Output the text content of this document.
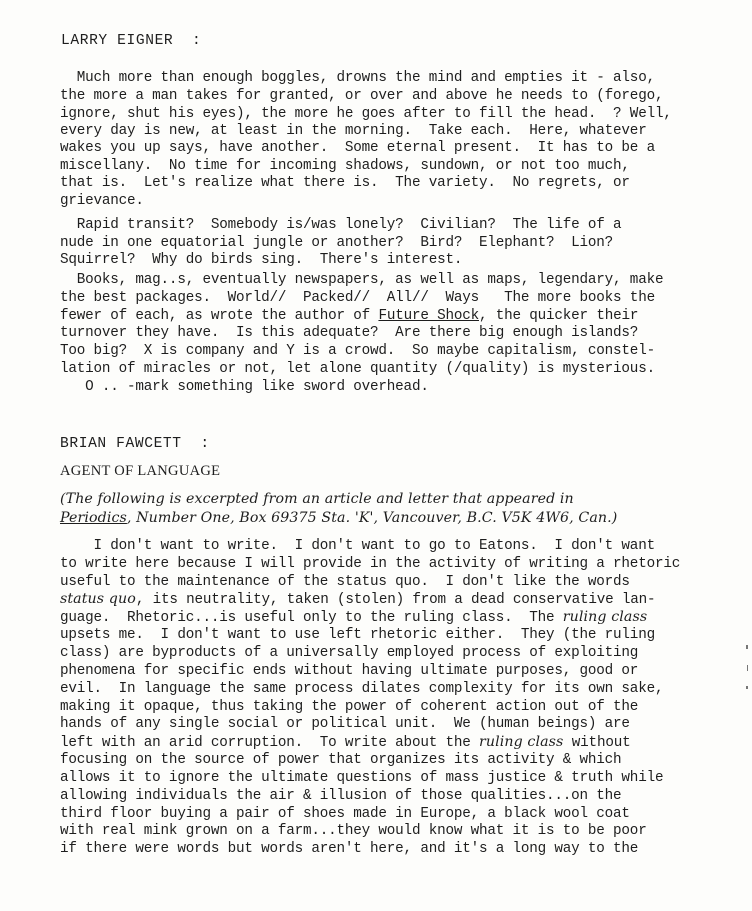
LARRY EIGNER  :
Much more than enough boggles, drowns the mind and empties it - also,
the more a man takes for granted, or over and above he needs to (forego,
ignore, shut his eyes), the more he goes after to fill the head.  ? Well,
every day is new, at least in the morning.  Take each.  Here, whatever
wakes you up says, have another.  Some eternal present.  It has to be a
miscellany.  No time for incoming shadows, sundown, or not too much,
that is.  Let's realize what there is.  The variety.  No regrets, or
grievance.
Rapid transit?  Somebody is/was lonely?  Civilian?  The life of a
nude in one equatorial jungle or another?  Bird?  Elephant?  Lion?
Squirrel?  Why do birds sing.  There's interest.
Books, mag..s, eventually newspapers, as well as maps, legendary, make
the best packages.  World//  Packed//  All//  Ways   The more books the
fewer of each, as wrote the author of Future Shock, the quicker their
turnover they have.  Is this adequate?  Are there big enough islands?
Too big?  X is company and Y is a crowd.  So maybe capitalism, constel-
lation of miracles or not, let alone quantity (/quality) is mysterious.
O .. -mark something like sword overhead.
BRIAN FAWCETT  :
AGENT OF LANGUAGE
(The following is excerpted from an article and letter that appeared in
Periodics, Number One, Box 69375 Sta. 'K', Vancouver, B.C. V5K 4W6, Can.)
I don't want to write.  I don't want to go to Eatons.  I don't want
to write here because I will provide in the activity of writing a rhetoric
useful to the maintenance of the status quo.  I don't like the words
status quo, its neutrality, taken (stolen) from a dead conservative lan-
guage.  Rhetoric...is useful only to the ruling class.  The ruling class
upsets me.  I don't want to use left rhetoric either.  They (the ruling
class) are byproducts of a universally employed process of exploiting
phenomena for specific ends without having ultimate purposes, good or
evil.  In language the same process dilates complexity for its own sake,
making it opaque, thus taking the power of coherent action out of the
hands of any single social or political unit.  We (human beings) are
left with an arid corruption.  To write about the ruling class without
focusing on the source of power that organizes its activity & which
allows it to ignore the ultimate questions of mass justice & truth while
allowing individuals the air & illusion of those qualities...on the
third floor buying a pair of shoes made in Europe, a black wool coat
with real mink grown on a farm...they would know what it is to be poor
if there were words but words aren't here, and it's a long way to the
